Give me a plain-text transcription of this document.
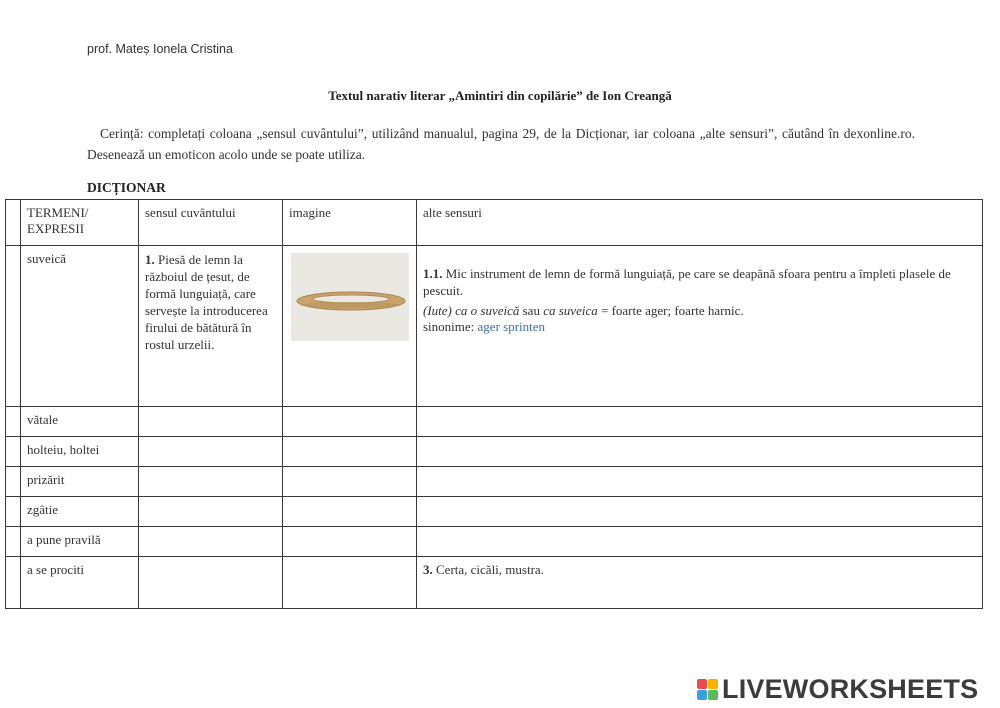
prof. Mateș Ionela Cristina
Textul narativ literar „Amintiri din copilărie” de Ion Creangă
Cerință: completați coloana „sensul cuvântului”, utilizând manualul, pagina 29, de la Dicționar, iar coloana „alte sensuri”, căutând în dexonline.ro. Desenează un emoticon acolo unde se poate utiliza.
DICȚIONAR
	TERMENI/ EXPRESII	sensul cuvântului	imagine	alte sensuri
	suveică	1. Piesă de lemn la războiul de țesut, de formă lunguiață, care servește la introducerea firului de bătătură în rostul urzelii.		1.1. Mic instrument de lemn de formă lunguiață, pe care se deapănă sfoara pentru a împleti plasele de pescuit.

(Iute) ca o suveică sau ca suveica = foarte ager; foarte harnic.
sinonime: ager sprinten

	vătale			
	holteiu, holtei			
	prizărit			
	zgâtie			
	a pune pravilă			
	a se prociti			3. Certa, cicăli, mustra.
LIVEWORKSHEETS
